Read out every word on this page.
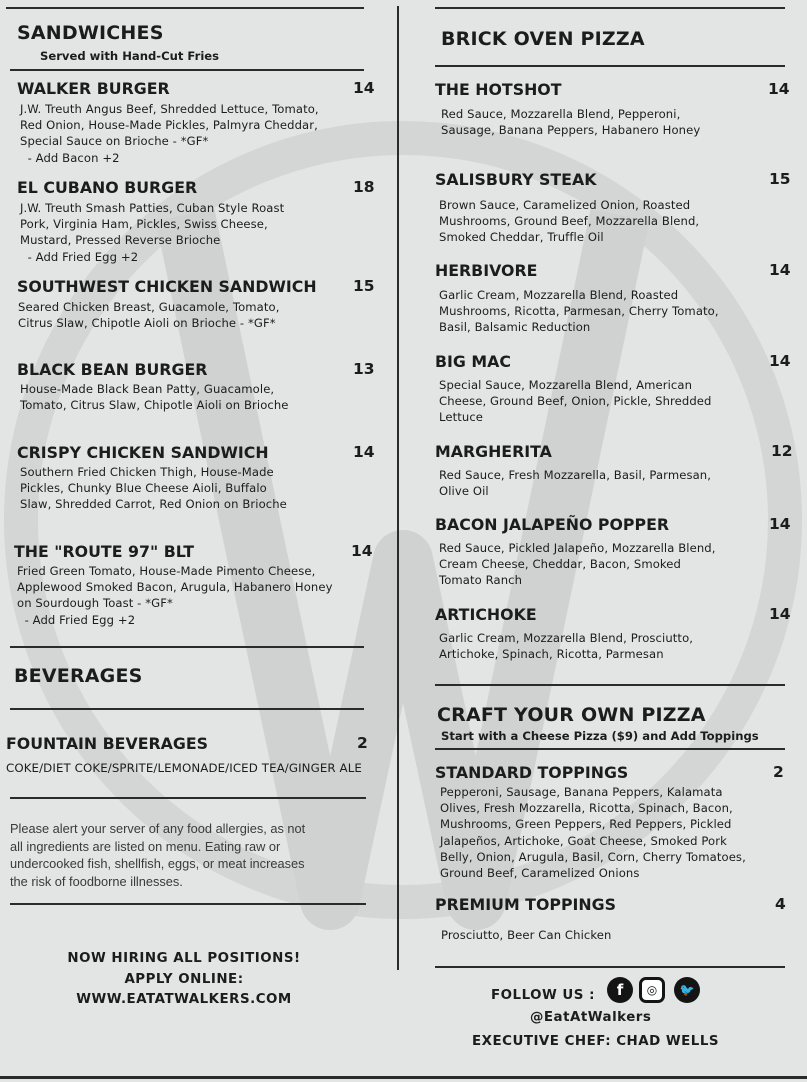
SANDWICHES
Served with Hand-Cut Fries
WALKER BURGER	14
J.W. Treuth Angus Beef, Shredded Lettuce, Tomato,
Red Onion, House-Made Pickles, Palmyra Cheddar,
Special Sauce on Brioche - *GF*
- Add Bacon +2
EL CUBANO BURGER	18
J.W. Treuth Smash Patties, Cuban Style Roast
Pork, Virginia Ham, Pickles, Swiss Cheese,
Mustard, Pressed Reverse Brioche
- Add Fried Egg +2
SOUTHWEST CHICKEN SANDWICH 15
Seared Chicken Breast, Guacamole, Tomato,
Citrus Slaw, Chipotle Aioli on Brioche - *GF*
BLACK BEAN BURGER	13
House-Made Black Bean Patty, Guacamole,
Tomato, Citrus Slaw, Chipotle Aioli on Brioche
CRISPY CHICKEN SANDWICH	14
Southern Fried Chicken Thigh, House-Made
Pickles, Chunky Blue Cheese Aioli, Buffalo
Slaw, Shredded Carrot, Red Onion on Brioche
THE "ROUTE 97" BLT	14
Fried Green Tomato, House-Made Pimento Cheese,
Applewood Smoked Bacon, Arugula, Habanero Honey
on Sourdough Toast - *GF*
- Add Fried Egg +2
BEVERAGES
FOUNTAIN BEVERAGES	2
COKE/DIET COKE/SPRITE/LEMONADE/ICED TEA/GINGER ALE
Please alert your server of any food allergies, as not
all ingredients are listed on menu. Eating raw or
undercooked fish, shellfish, eggs, or meat increases
the risk of foodborne illnesses.
NOW HIRING ALL POSITIONS!
APPLY ONLINE:
WWW.EATATWALKERS.COM
BRICK OVEN PIZZA
THE HOTSHOT	14
Red Sauce, Mozzarella Blend, Pepperoni,
Sausage, Banana Peppers, Habanero Honey
SALISBURY STEAK	15
Brown Sauce, Caramelized Onion, Roasted
Mushrooms, Ground Beef, Mozzarella Blend,
Smoked Cheddar, Truffle Oil
HERBIVORE	14
Garlic Cream, Mozzarella Blend, Roasted
Mushrooms, Ricotta, Parmesan, Cherry Tomato,
Basil, Balsamic Reduction
BIG MAC	14
Special Sauce, Mozzarella Blend, American
Cheese, Ground Beef, Onion, Pickle, Shredded
Lettuce
MARGHERITA	12
Red Sauce, Fresh Mozzarella, Basil, Parmesan,
Olive Oil
BACON JALAPEÑO POPPER	14
Red Sauce, Pickled Jalapeño, Mozzarella Blend,
Cream Cheese, Cheddar, Bacon, Smoked
Tomato Ranch
ARTICHOKE	14
Garlic Cream, Mozzarella Blend, Prosciutto,
Artichoke, Spinach, Ricotta, Parmesan
CRAFT YOUR OWN PIZZA
Start with a Cheese Pizza ($9) and Add Toppings
STANDARD TOPPINGS	2
Pepperoni, Sausage, Banana Peppers, Kalamata
Olives, Fresh Mozzarella, Ricotta, Spinach, Bacon,
Mushrooms, Green Peppers, Red Peppers, Pickled
Jalapeños, Artichoke, Goat Cheese, Smoked Pork
Belly, Onion, Arugula, Basil, Corn, Cherry Tomatoes,
Ground Beef, Caramelized Onions
PREMIUM TOPPINGS	4
Prosciutto, Beer Can Chicken
FOLLOW US :	f	◎	🐦
@EatAtWalkers
EXECUTIVE CHEF: CHAD WELLS
